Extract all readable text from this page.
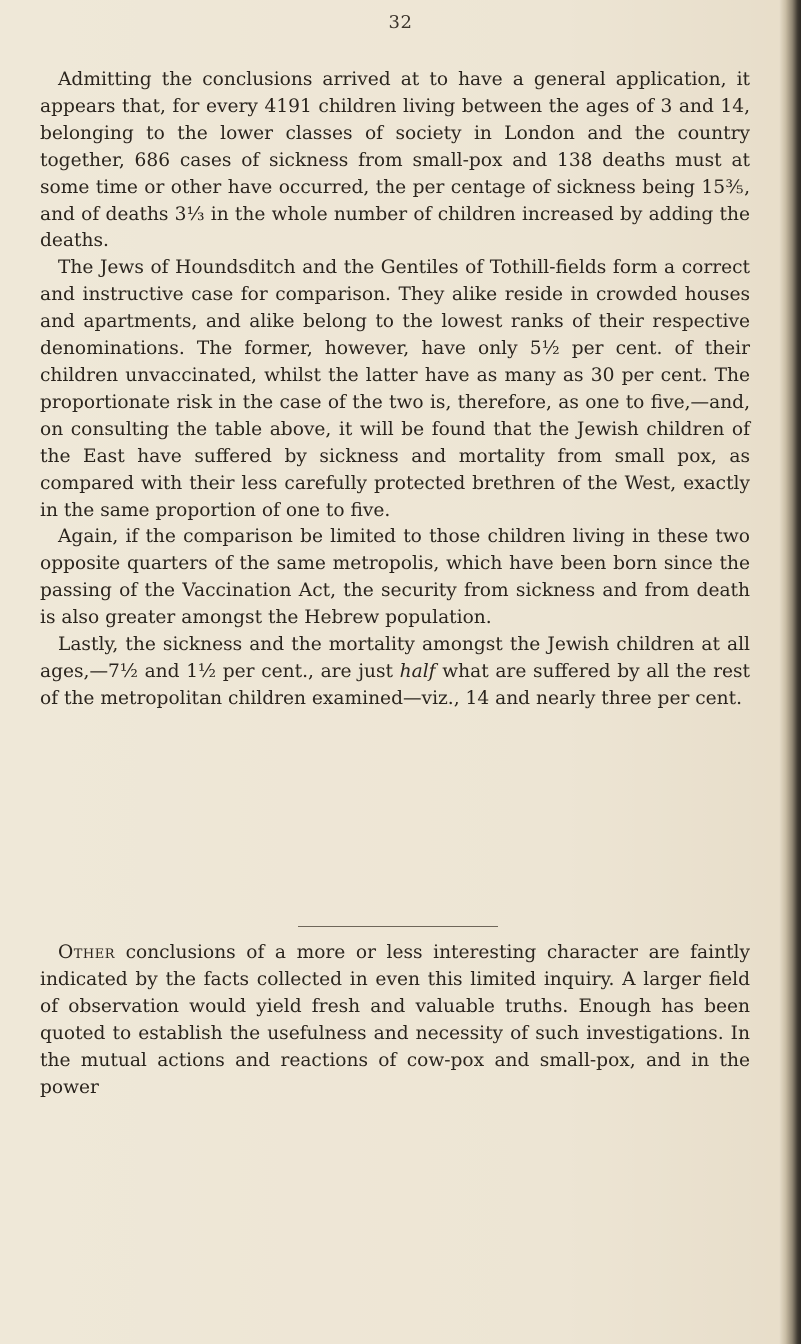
32

Admitting the conclusions arrived at to have a general application, it appears that, for every 4191 children living between the ages of 3 and 14, belonging to the lower classes of society in London and the country together, 686 cases of sickness from small-pox and 138 deaths must at some time or other have occurred, the per centage of sickness being 15⅗, and of deaths 3⅓ in the whole number of children increased by adding the deaths.

The Jews of Houndsditch and the Gentiles of Tothill-fields form a correct and instructive case for comparison. They alike reside in crowded houses and apartments, and alike belong to the lowest ranks of their respective denominations. The former, however, have only 5½ per cent. of their children unvaccinated, whilst the latter have as many as 30 per cent. The proportionate risk in the case of the two is, therefore, as one to five,—and, on consulting the table above, it will be found that the Jewish children of the East have suffered by sickness and mortality from small pox, as compared with their less carefully protected brethren of the West, exactly in the same proportion of one to five.

Again, if the comparison be limited to those children living in these two opposite quarters of the same metropolis, which have been born since the passing of the Vaccination Act, the security from sickness and from death is also greater amongst the Hebrew population.

Lastly, the sickness and the mortality amongst the Jewish children at all ages,—7½ and 1½ per cent., are just half what are suffered by all the rest of the metropolitan children examined—viz., 14 and nearly three per cent.

Other conclusions of a more or less interesting character are faintly indicated by the facts collected in even this limited inquiry. A larger field of observation would yield fresh and valuable truths. Enough has been quoted to establish the usefulness and necessity of such investigations. In the mutual actions and reactions of cow-pox and small-pox, and in the power
